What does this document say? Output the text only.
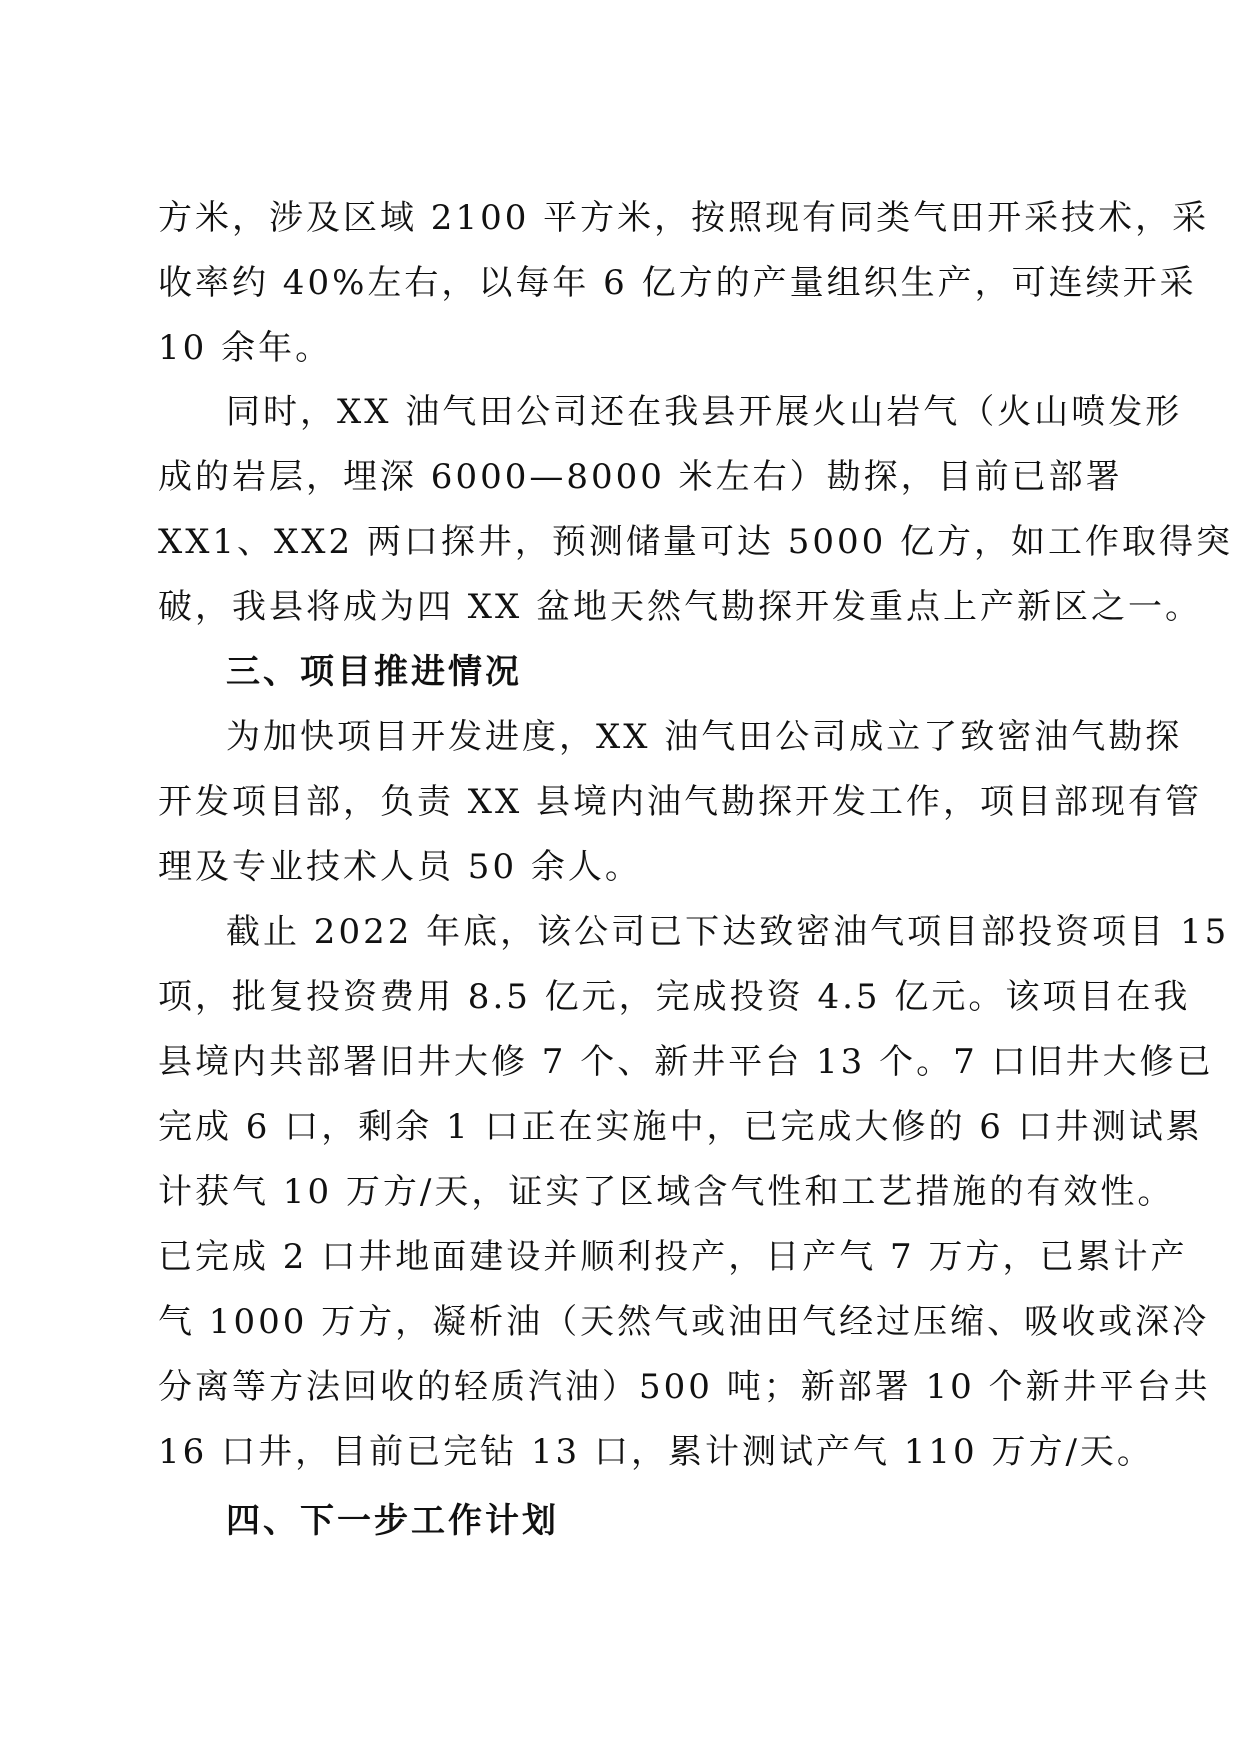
方米，涉及区域 2100 平方米，按照现有同类气田开采技术，采
收率约 40%左右，以每年 6 亿方的产量组织生产，可连续开采
10 余年。
同时，XX 油气田公司还在我县开展火山岩气（火山喷发形
成的岩层，埋深 6000—8000 米左右）勘探，目前已部署
XX1、XX2 两口探井，预测储量可达 5000 亿方，如工作取得突
破，我县将成为四 XX 盆地天然气勘探开发重点上产新区之一。
三、项目推进情况
为加快项目开发进度，XX 油气田公司成立了致密油气勘探
开发项目部，负责 XX 县境内油气勘探开发工作，项目部现有管
理及专业技术人员 50 余人。
截止 2022 年底，该公司已下达致密油气项目部投资项目 15
项，批复投资费用 8.5 亿元，完成投资 4.5 亿元。该项目在我
县境内共部署旧井大修 7 个、新井平台 13 个。7 口旧井大修已
完成 6 口，剩余 1 口正在实施中，已完成大修的 6 口井测试累
计获气 10 万方/天，证实了区域含气性和工艺措施的有效性。
已完成 2 口井地面建设并顺利投产，日产气 7 万方，已累计产
气 1000 万方，凝析油（天然气或油田气经过压缩、吸收或深冷
分离等方法回收的轻质汽油）500 吨；新部署 10 个新井平台共
16 口井，目前已完钻 13 口，累计测试产气 110 万方/天。
四、下一步工作计划
